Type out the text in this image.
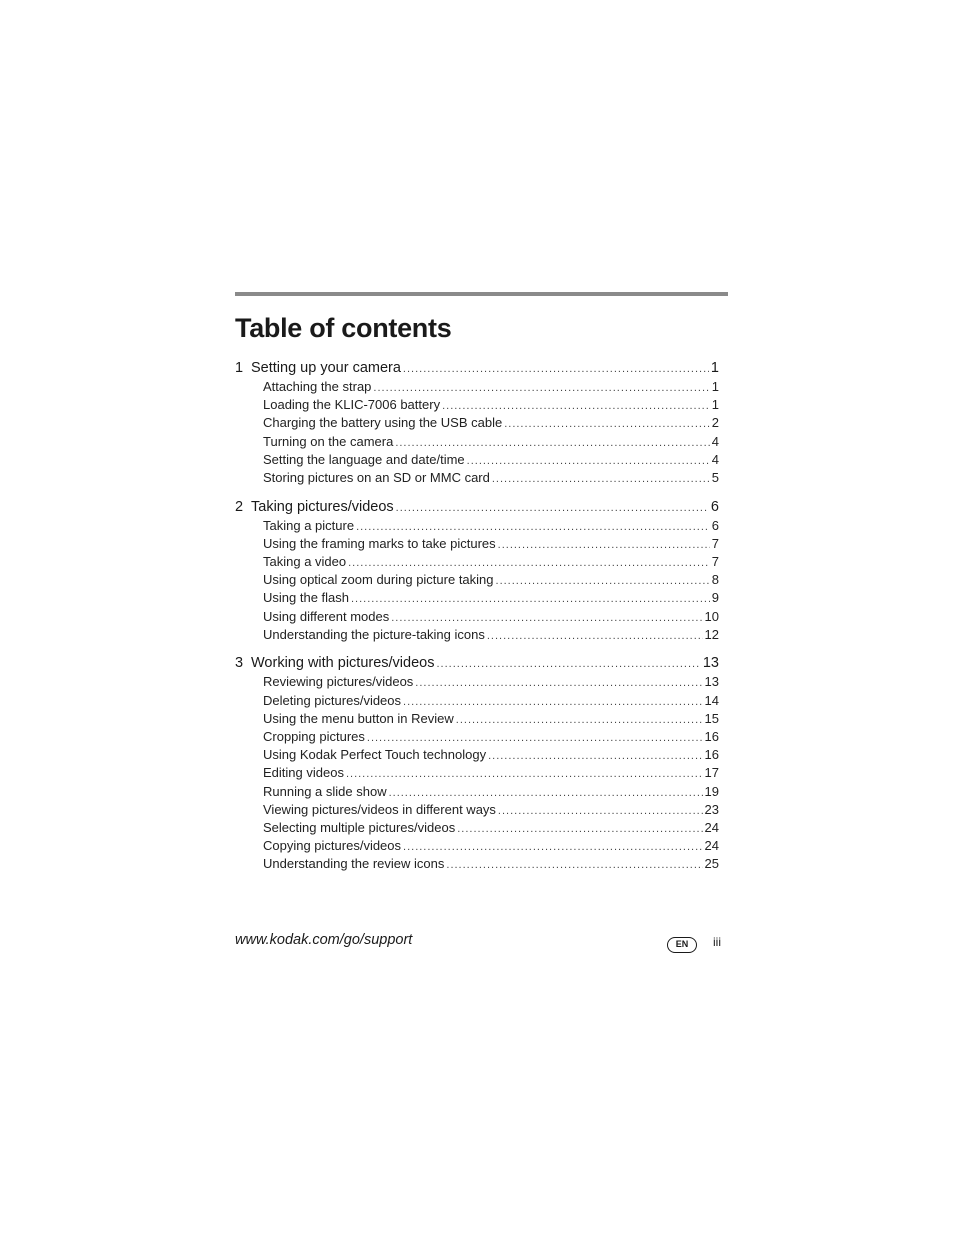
Table of contents
1 Setting up your camera .....	1
Attaching the strap .....	1
Loading the KLIC-7006 battery .....	1
Charging the battery using the USB cable .....	2
Turning on the camera .....	4
Setting the language and date/time .....	4
Storing pictures on an SD or MMC card .....	5
2 Taking pictures/videos .....	6
Taking a picture .....	6
Using the framing marks to take pictures .....	7
Taking a video .....	7
Using optical zoom during picture taking .....	8
Using the flash .....	9
Using different modes .....	10
Understanding the picture-taking icons .....	12
3 Working with pictures/videos .....	13
Reviewing pictures/videos .....	13
Deleting pictures/videos .....	14
Using the menu button in Review .....	15
Cropping pictures .....	16
Using Kodak Perfect Touch technology .....	16
Editing videos .....	17
Running a slide show .....	19
Viewing pictures/videos in different ways .....	23
Selecting multiple pictures/videos .....	24
Copying pictures/videos .....	24
Understanding the review icons .....	25
www.kodak.com/go/support	EN	iii
